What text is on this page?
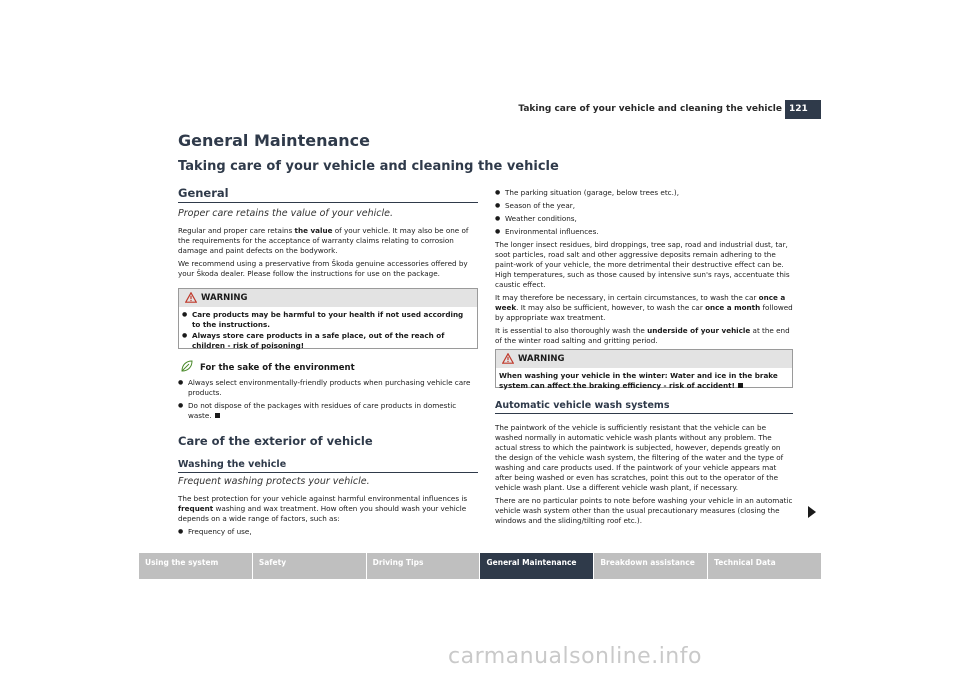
Taking care of your vehicle and cleaning the vehicle 121
General Maintenance
Taking care of your vehicle and cleaning the vehicle
General

Proper care retains the value of your vehicle.

Regular and proper care retains the value of your vehicle. It may also be one of the requirements for the acceptance of warranty claims relating to corrosion damage and paint defects on the bodywork.

We recommend using a preservative from Škoda genuine accessories offered by your Škoda dealer. Please follow the instructions for use on the package.

WARNING
● Care products may be harmful to your health if not used according to the instructions.
● Always store care products in a safe place, out of the reach of children - risk of poisoning!
For the sake of the environment
● Always select environmentally-friendly products when purchasing vehicle care products.
● Do not dispose of the packages with residues of care products in domestic waste.
Care of the exterior of vehicle
Washing the vehicle

Frequent washing protects your vehicle.

The best protection for your vehicle against harmful environmental influences is frequent washing and wax treatment. How often you should wash your vehicle depends on a wide range of factors, such as:

● Frequency of use,
● The parking situation (garage, below trees etc.),
● Season of the year,
● Weather conditions,
● Environmental influences.

The longer insect residues, bird droppings, tree sap, road and industrial dust, tar, soot particles, road salt and other aggressive deposits remain adhering to the paint-work of your vehicle, the more detrimental their destructive effect can be. High temperatures, such as those caused by intensive sun's rays, accentuate this caustic effect.

It may therefore be necessary, in certain circumstances, to wash the car once a week. It may also be sufficient, however, to wash the car once a month followed by appropriate wax treatment.

It is essential to also thoroughly wash the underside of your vehicle at the end of the winter road salting and gritting period.

WARNING
When washing your vehicle in the winter: Water and ice in the brake system can affect the braking efficiency - risk of accident!
Automatic vehicle wash systems

The paintwork of the vehicle is sufficiently resistant that the vehicle can be washed normally in automatic vehicle wash plants without any problem. The actual stress to which the paintwork is subjected, however, depends greatly on the design of the vehicle wash system, the filtering of the water and the type of washing and care products used. If the paintwork of your vehicle appears mat after being washed or even has scratches, point this out to the operator of the vehicle wash plant. Use a different vehicle wash plant, if necessary.

There are no particular points to note before washing your vehicle in an automatic vehicle wash system other than the usual precautionary measures (closing the windows and the sliding/tilting roof etc.).

Using the system	Safety	Driving Tips	General Maintenance	Breakdown assistance	Technical Data
carmanualsonline.info
